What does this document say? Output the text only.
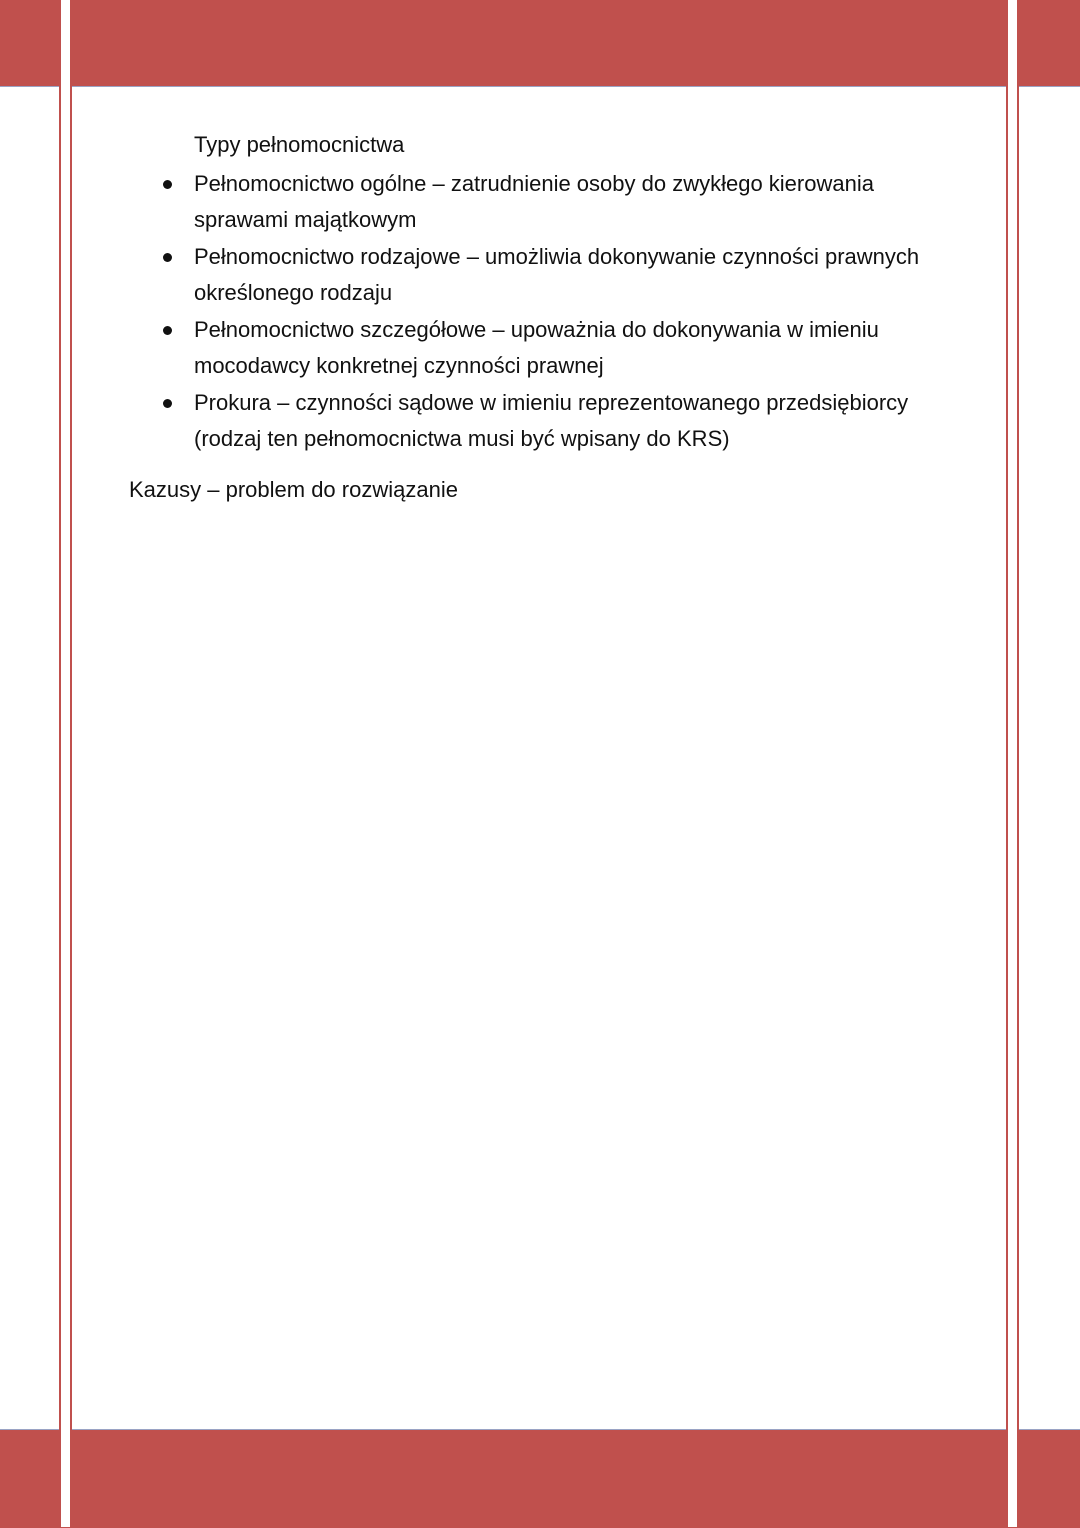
Typy pełnomocnictwa

Pełnomocnictwo ogólne – zatrudnienie osoby do zwykłego kierowania sprawami majątkowym
Pełnomocnictwo rodzajowe – umożliwia dokonywanie czynności prawnych określonego rodzaju
Pełnomocnictwo szczegółowe – upoważnia do dokonywania w imieniu mocodawcy konkretnej czynności prawnej
Prokura – czynności sądowe w imieniu reprezentowanego przedsiębiorcy (rodzaj ten pełnomocnictwa musi być wpisany do KRS)

Kazusy – problem do rozwiązanie
